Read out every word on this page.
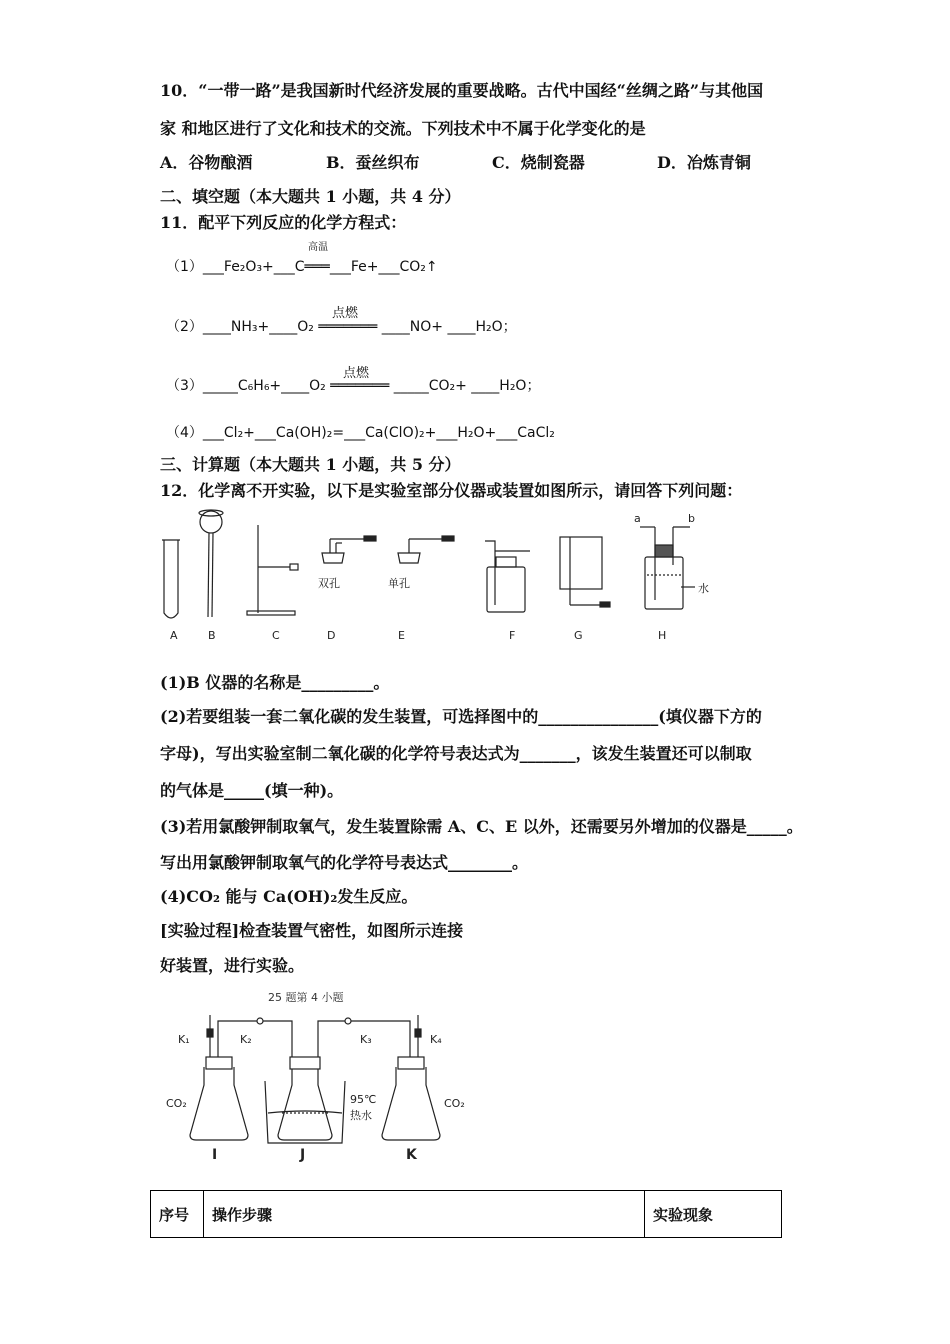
10．“一带一路”是我国新时代经济发展的重要战略。古代中国经“丝绸之路”与其他国
家 和地区进行了文化和技术的交流。下列技术中不属于化学变化的是
A．谷物酿酒	B．蚕丝织布	C．烧制瓷器	D．冶炼青铜
二、填空题（本大题共 1 小题，共 4 分）
11．配平下列反应的化学方程式：
高温
（1）___Fe₂O₃+___C═══___Fe+___CO₂↑
点燃
（2）____NH₃+____O₂ ═══════ ____NO+ ____H₂O；
点燃
（3）_____C₆H₆+____O₂ ═══════ _____CO₂+ ____H₂O；
（4）___Cl₂+___Ca(OH)₂=___Ca(ClO)₂+___H₂O+___CaCl₂
三、计算题（本大题共 1 小题，共 5 分）
12．化学离不开实验，以下是实验室部分仪器或装置如图所示，请回答下列问题：
双孔	单孔
a	b
水
A	B	C	D	E	F	G	H
(1)B 仪器的名称是_________。
(2)若要组装一套二氧化碳的发生装置，可选择图中的_______________(填仪器下方的
字母)，写出实验室制二氧化碳的化学符号表达式为_______，该发生装置还可以制取
的气体是_____(填一种)。
(3)若用氯酸钾制取氧气，发生装置除需 A、C、E 以外，还需要另外增加的仪器是_____。
写出用氯酸钾制取氧气的化学符号表达式________。
(4)CO₂ 能与 Ca(OH)₂发生反应。
[实验过程]检查装置气密性，如图所示连接
好装置，进行实验。
25 题第 4 小题
K₁	K₂	K₃	K₄
CO₂	CO₂
95℃
热水
I	J	K
序号	操作步骤	实验现象
